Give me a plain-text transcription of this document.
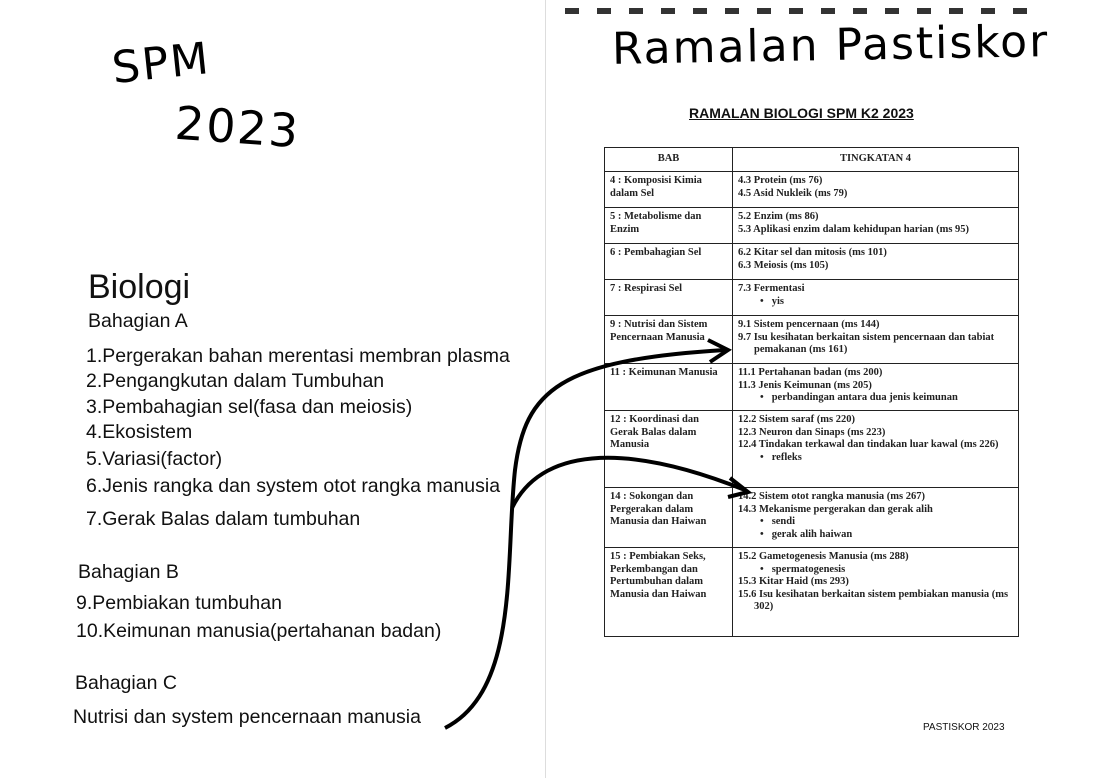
SPM
2023
Biologi
Bahagian A
1.Pergerakan bahan merentasi membran plasma
2.Pengangkutan dalam Tumbuhan
3.Pembahagian sel(fasa dan meiosis)
4.Ekosistem
5.Variasi(factor)
6.Jenis rangka dan system otot rangka manusia
7.Gerak Balas dalam tumbuhan
Bahagian B
9.Pembiakan tumbuhan
10.Keimunan manusia(pertahanan badan)
Bahagian C
Nutrisi dan system pencernaan manusia
Ramalan Pastiskor
RAMALAN BIOLOGI SPM K2 2023
BAB	TINGKATAN 4
4 : Komposisi Kimia dalam Sel	4.3 Protein (ms 76)
4.5 Asid Nukleik (ms 79)

5 : Metabolisme dan Enzim	5.2 Enzim (ms 86)
5.3 Aplikasi enzim dalam kehidupan harian (ms 95)

6 : Pembahagian Sel	6.2 Kitar sel dan mitosis (ms 101)
6.3 Meiosis (ms 105)

7 : Respirasi Sel	7.3 Fermentasi
• yis

9 : Nutrisi dan Sistem Pencernaan Manusia	9.1 Sistem pencernaan (ms 144)
9.7 Isu kesihatan berkaitan sistem pencernaan dan tabiat
pemakanan (ms 161)

11 : Keimunan Manusia	11.1 Pertahanan badan (ms 200)
11.3 Jenis Keimunan (ms 205)
• perbandingan antara dua jenis keimunan

12 : Koordinasi dan Gerak Balas dalam Manusia	12.2 Sistem saraf (ms 220)
12.3 Neuron dan Sinaps (ms 223)
12.4 Tindakan terkawal dan tindakan luar kawal (ms 226)
• refleks

14 : Sokongan dan Pergerakan dalam Manusia dan Haiwan	14.2 Sistem otot rangka manusia (ms 267)
14.3 Mekanisme pergerakan dan gerak alih
• sendi
• gerak alih haiwan

15 : Pembiakan Seks, Perkembangan dan Pertumbuhan dalam Manusia dan Haiwan	15.2 Gametogenesis Manusia (ms 288)
• spermatogenesis
15.3 Kitar Haid (ms 293)
15.6 Isu kesihatan berkaitan sistem pembiakan manusia (ms
302)
PASTISKOR 2023
